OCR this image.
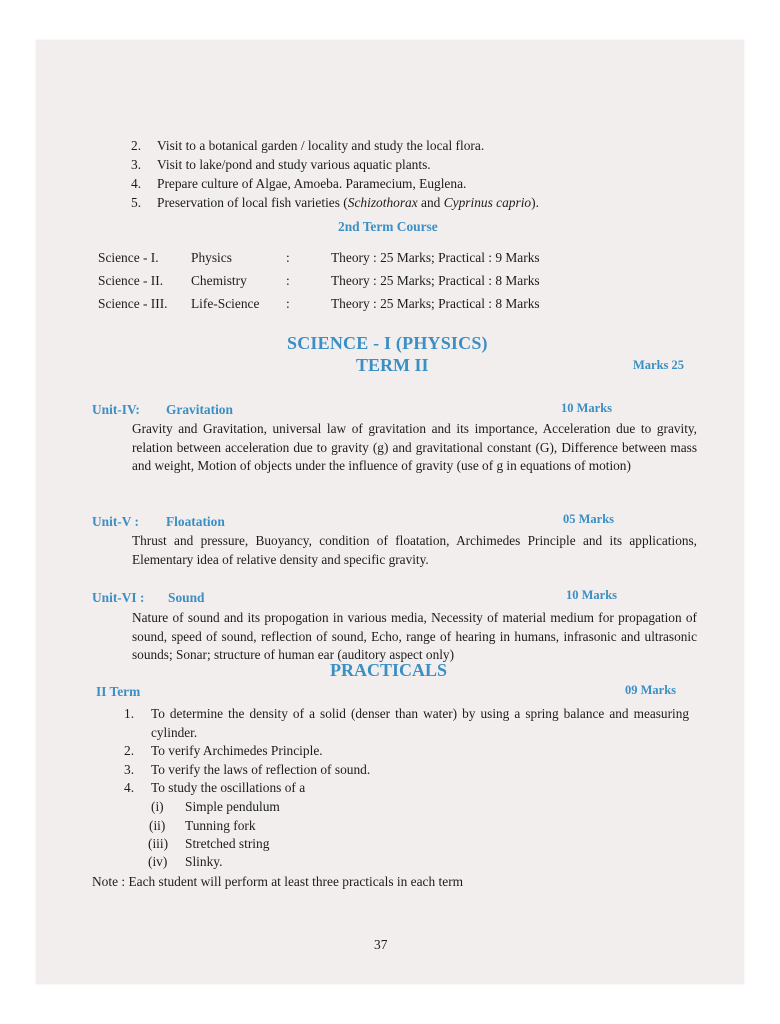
2. Visit to a botanical garden / locality and study the local flora.
3. Visit to lake/pond and study various aquatic plants.
4. Prepare culture of Algae, Amoeba. Paramecium, Euglena.
5. Preservation of local fish varieties (Schizothorax and Cyprinus caprio).
2nd Term Course
Science - I. Physics	:	Theory : 25 Marks; Practical : 9 Marks
Science - II. Chemistry	:	Theory : 25 Marks; Practical : 8 Marks
Science - III. Life-Science :	Theory : 25 Marks; Practical : 8 Marks
SCIENCE - I (PHYSICS)
TERM II	Marks 25
Unit-IV: Gravitation	10 Marks
Gravity and Gravitation, universal law of gravitation and its importance, Acceleration due to gravity, relation between acceleration due to gravity (g) and gravitational constant (G), Difference between mass and weight, Motion of objects under the influence of gravity (use of g in equations of motion)
Unit-V : Floatation	05 Marks
Thrust and pressure, Buoyancy, condition of floatation, Archimedes Principle and its applications, Elementary idea of relative density and specific gravity.
Unit-VI : Sound	10 Marks
Nature of sound and its propogation in various media, Necessity of material medium for propagation of sound, speed of sound, reflection of sound, Echo, range of hearing in humans, infrasonic and ultrasonic sounds; Sonar; structure of human ear (auditory aspect only)
PRACTICALS
II Term	09 Marks
1. To determine the density of a solid (denser than water) by using a spring balance and measuring cylinder.
2. To verify Archimedes Principle.
3. To verify the laws of reflection of sound.
4. To study the oscillations of a
(i) Simple pendulum
(ii) Tunning fork
(iii) Stretched string
(iv) Slinky.
Note : Each student will perform at least three practicals in each term
37
